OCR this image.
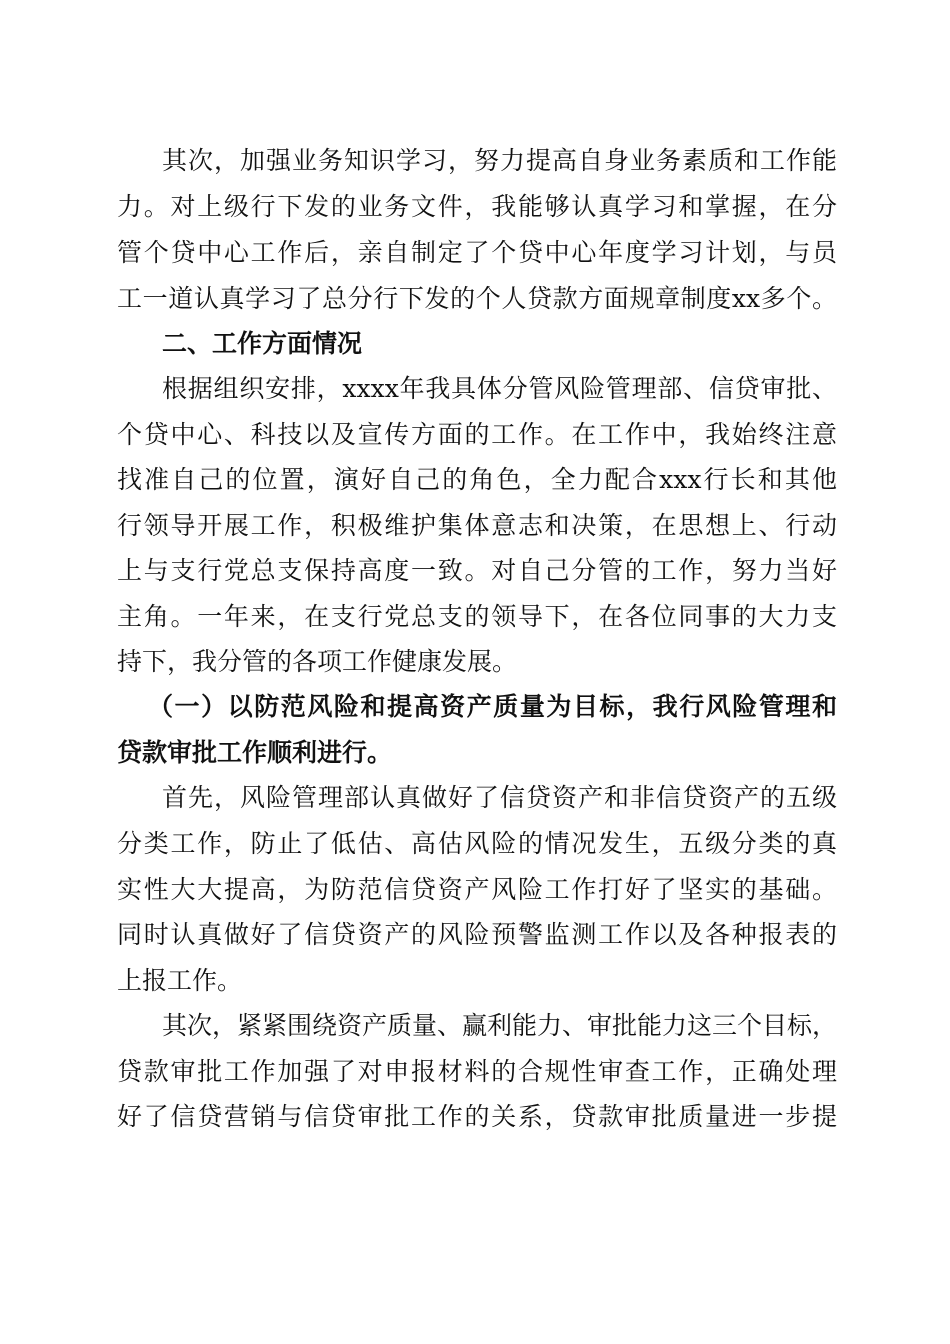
其次，加强业务知识学习，努力提高自身业务素质和工作能
力。对上级行下发的业务文件，我能够认真学习和掌握，在分
管个贷中心工作后，亲自制定了个贷中心年度学习计划，与员
工一道认真学习了总分行下发的个人贷款方面规章制度xx多个。
二、工作方面情况
根据组织安排，xxxx年我具体分管风险管理部、信贷审批、
个贷中心、科技以及宣传方面的工作。在工作中，我始终注意
找准自己的位置，演好自己的角色，全力配合xxx行长和其他
行领导开展工作，积极维护集体意志和决策，在思想上、行动
上与支行党总支保持高度一致。对自己分管的工作，努力当好
主角。一年来，在支行党总支的领导下，在各位同事的大力支
持下，我分管的各项工作健康发展。
（一）以防范风险和提高资产质量为目标，我行风险管理和
贷款审批工作顺利进行。
首先，风险管理部认真做好了信贷资产和非信贷资产的五级
分类工作，防止了低估、高估风险的情况发生，五级分类的真
实性大大提高，为防范信贷资产风险工作打好了坚实的基础。
同时认真做好了信贷资产的风险预警监测工作以及各种报表的
上报工作。
其次，紧紧围绕资产质量、赢利能力、审批能力这三个目标，
贷款审批工作加强了对申报材料的合规性审查工作，正确处理
好了信贷营销与信贷审批工作的关系，贷款审批质量进一步提
